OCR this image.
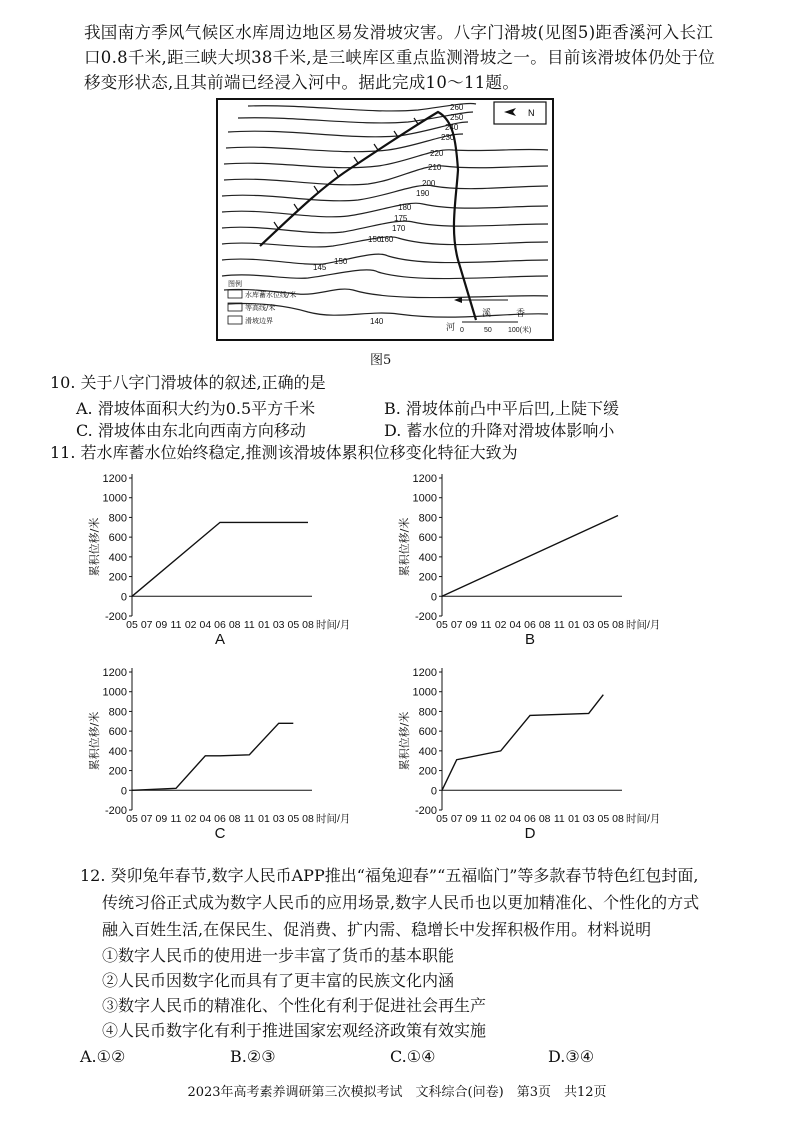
我国南方季风气候区水库周边地区易发滑坡灾害。八字门滑坡(见图5)距香溪河入长江口0.8千米,距三峡大坝38千米,是三峡库区重点监测滑坡之一。目前该滑坡体仍处于位移变形状态,且其前端已经浸入河中。据此完成10～11题。
260
250
240
230
220
210
200
190
180
175
170
160
150
150
145
140
N
图例
水库蓄水位线/米
等高线/米
滑坡边界
河
溪	香
0	50 100(米)
图5
10. 关于八字门滑坡体的叙述,正确的是
A. 滑坡体面积大约为0.5平方千米	B. 滑坡体前凸中平后凹,上陡下缓
C. 滑坡体由东北向西南方向移动	D. 蓄水位的升降对滑坡体影响小
11. 若水库蓄水位始终稳定,推测该滑坡体累积位移变化特征大致为
-200
0
200
400
600
800
1000
1200
05 07 09 11 02 04 06 08 11 01 03 05 08 时间/月
累积位移/米
A
-200
0
200
400
600
800
1000
1200
05 07 09 11 02 04 06 08 11 01 03 05 08 时间/月
累积位移/米
B
-200
0
200
400
600
800
1000
1200
05 07 09 11 02 04 06 08 11 01 03 05 08 时间/月
累积位移/米
C
-200
0
200
400
600
800
1000
1200
05 07 09 11 02 04 06 08 11 01 03 05 08 时间/月
累积位移/米
D
12. 癸卯兔年春节,数字人民币APP推出“福兔迎春”“五福临门”等多款春节特色红包封面,
传统习俗正式成为数字人民币的应用场景,数字人民币也以更加精准化、个性化的方式
融入百姓生活,在保民生、促消费、扩内需、稳增长中发挥积极作用。材料说明
①数字人民币的使用进一步丰富了货币的基本职能
②人民币因数字化而具有了更丰富的民族文化内涵
③数字人民币的精准化、个性化有利于促进社会再生产
④人民币数字化有利于推进国家宏观经济政策有效实施
A.①②	B.②③	C.①④	D.③④
2023年高考素养调研第三次模拟考试　文科综合(问卷)　第3页　共12页
